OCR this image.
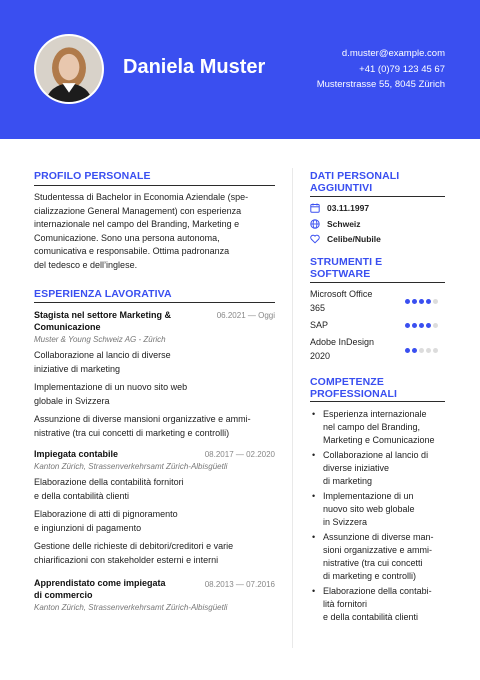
Daniela Muster
d.muster@example.com
+41 (0)79 123 45 67
Musterstrasse 55, 8045 Zürich
PROFILO PERSONALE
Studentessa di Bachelor in Economia Aziendale (spe-
cializzazione General Management) con esperienza
internazionale nel campo del Branding, Marketing e
Comunicazione. Sono una persona autonoma,
comunicativa e responsabile. Ottima padronanza
del tedesco e dell’inglese.
ESPERIENZA LAVORATIVA
Stagista nel settore Marketing &
Comunicazione
06.2021 — Oggi
Muster & Young Schweiz AG - Zürich
Collaborazione al lancio di diverse
iniziative di marketing
Implementazione di un nuovo sito web
globale in Svizzera
Assunzione di diverse mansioni organizzative e ammi-
nistrative (tra cui concetti di marketing e controlli)
Impiegata contabile	08.2017 — 02.2020
Kanton Zürich, Strassenverkehrsamt Zürich-Albisgüetli
Elaborazione della contabilità fornitori
e della contabilità clienti
Elaborazione di atti di pignoramento
e ingiunzioni di pagamento
Gestione delle richieste di debitori/creditori e varie
chiarificazioni con stakeholder esterni e interni
Apprendistato come impiegata
di commercio
08.2013 — 07.2016
Kanton Zürich, Strassenverkehrsamt Zürich-Albisgüetli
DATI PERSONALI
AGGIUNTIVI
03.11.1997
Schweiz
Celibe/Nubile
STRUMENTI E
SOFTWARE
Microsoft Office
365
SAP
Adobe InDesign
2020
COMPETENZE
PROFESSIONALI
• Esperienza internazionale
nel campo del Branding,
Marketing e Comunicazione
• Collaborazione al lancio di
diverse iniziative
di marketing
• Implementazione di un
nuovo sito web globale
in Svizzera
• Assunzione di diverse man-
sioni organizzative e ammi-
nistrative (tra cui concetti
di marketing e controlli)
• Elaborazione della contabi-
lità fornitori
e della contabilità clienti
